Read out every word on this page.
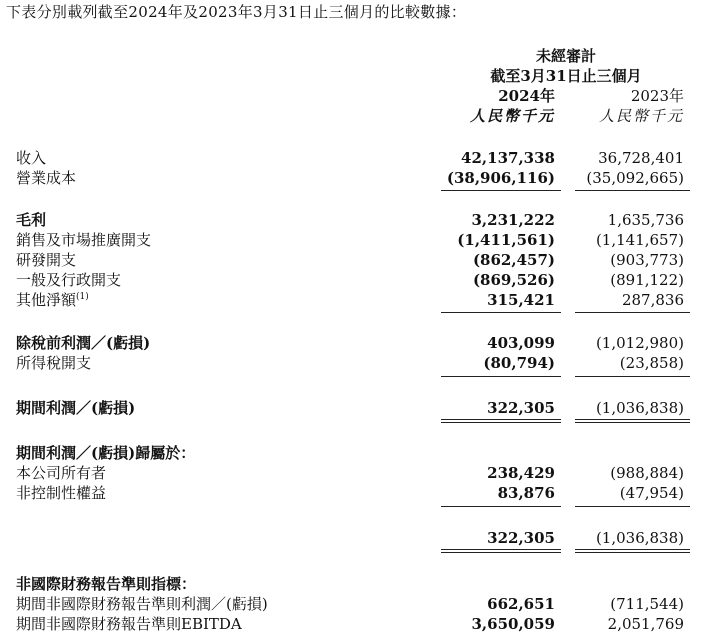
下表分別載列截至2024年及2023年3月31日止三個月的比較數據：
未經審計
截至3月31日止三個月
2024年	2023年
人民幣千元	人民幣千元
收入	42,137,338	36,728,401
營業成本	(38,906,116) (35,092,665)
毛利	3,231,222	1,635,736
銷售及市場推廣開支	(1,411,561)	(1,141,657)
研發開支	(862,457)	(903,773)
一般及行政開支	(869,526)	(891,122)
其他淨額$^{(1)}$	315,421	287,836
除稅前利潤／(虧損)	403,099	(1,012,980)
所得稅開支	(80,794)	(23,858)
期間利潤／(虧損)	322,305	(1,036,838)
期間利潤／(虧損)歸屬於：
本公司所有者	238,429	(988,884)
非控制性權益	83,876	(47,954)
322,305	(1,036,838)
非國際財務報告準則指標：
期間非國際財務報告準則利潤／(虧損)	662,651	(711,544)
期間非國際財務報告準則EBITDA	3,650,059	2,051,769
